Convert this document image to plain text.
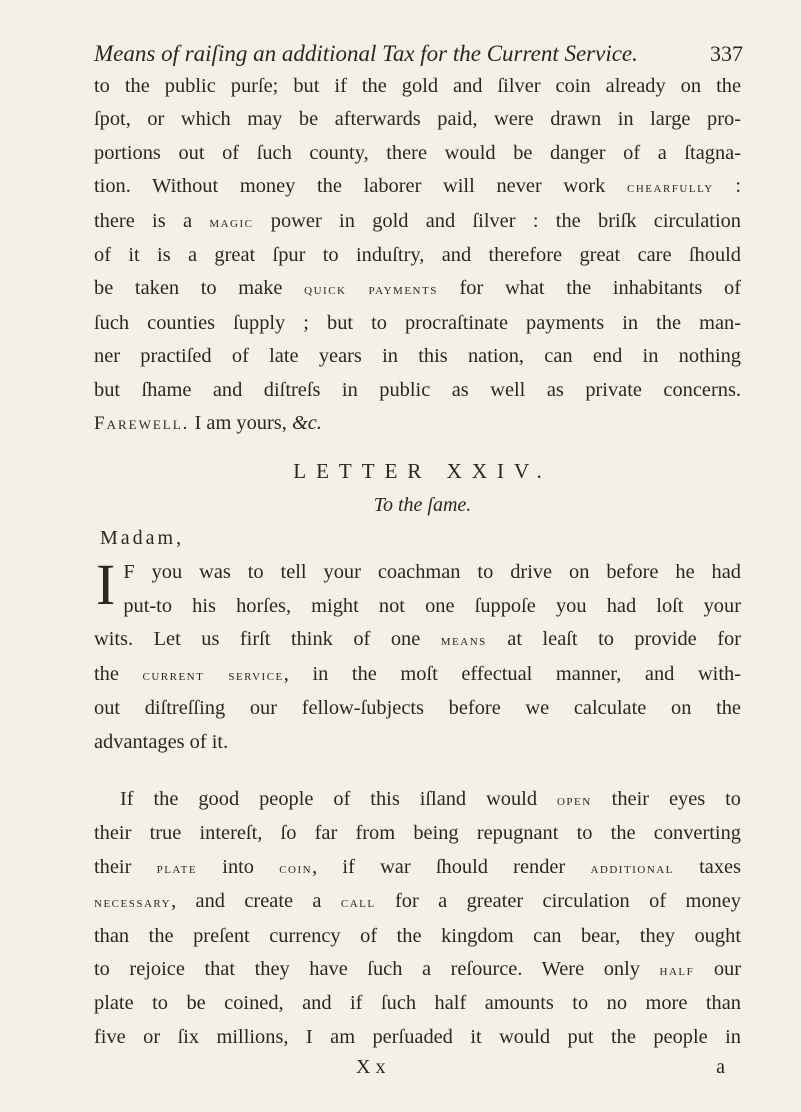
Means of raiſing an additional Tax for the Current Service.	337
to the public purſe; but if the gold and ſilver coin already on the
ſpot, or which may be afterwards paid, were drawn in large pro-
portions out of ſuch county, there would be danger of a ſtagna-
tion. Without money the laborer will never work chearfully :
there is a magic power in gold and ſilver : the briſk circulation
of it is a great ſpur to induſtry, and therefore great care ſhould
be taken to make quick payments for what the inhabitants of
ſuch counties ſupply ; but to procraſtinate payments in the man-
ner practiſed of late years in this nation, can end in nothing
but ſhame and diſtreſs in public as well as private concerns.
Farewell. I am yours, &c.
LETTER XXIV.
To the ſame.
Madam,
I F you was to tell your coachman to drive on before he had
put-to his horſes, might not one ſuppoſe you had loſt your
wits. Let us firſt think of one means at leaſt to provide for
the current service, in the moſt effectual manner, and with-
out diſtreſſing our fellow-ſubjects before we calculate on the
advantages of it.
If the good people of this iſland would open their eyes to
their true intereſt, ſo far from being repugnant to the converting
their plate into coin, if war ſhould render additional taxes
necessary, and create a call for a greater circulation of money
than the preſent currency of the kingdom can bear, they ought
to rejoice that they have ſuch a reſource. Were only half our
plate to be coined, and if ſuch half amounts to no more than
five or ſix millions, I am perſuaded it would put the people in
X x	a
